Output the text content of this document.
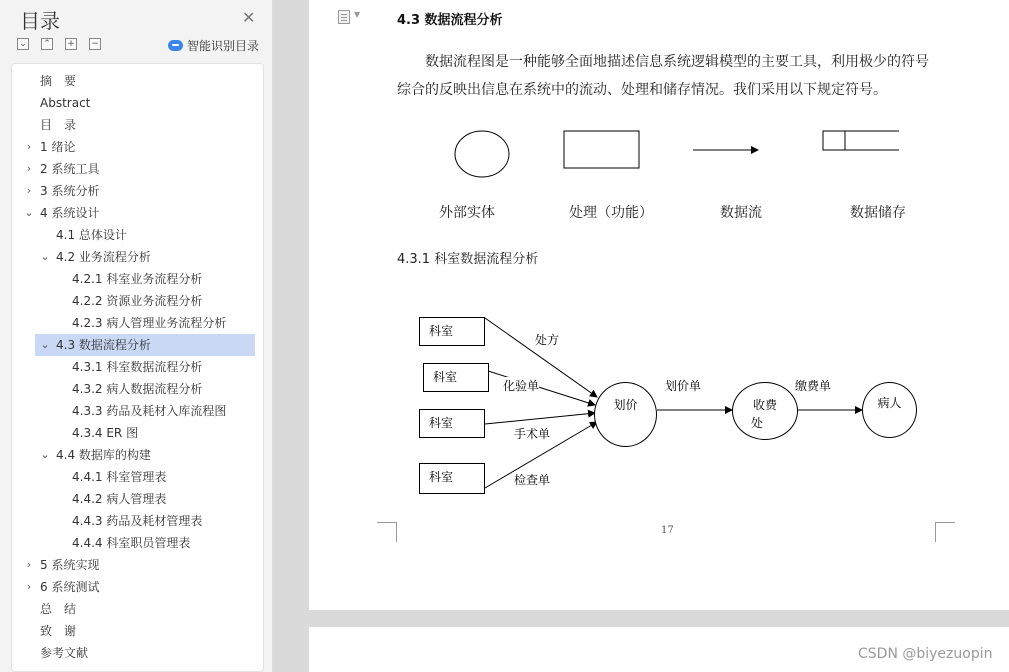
目录	✕
⌄ ⌃ + −	智能识别目录
摘　要
Abstract
目　录
› 1 绪论
› 2 系统工具
› 3 系统分析
⌄ 4 系统设计
4.1 总体设计
⌄ 4.2 业务流程分析
4.2.1 科室业务流程分析
4.2.2 资源业务流程分析
4.2.3 病人管理业务流程分析
⌄ 4.3 数据流程分析
4.3.1 科室数据流程分析
4.3.2 病人数据流程分析
4.3.3 药品及耗材入库流程图
4.3.4 ER 图
⌄ 4.4 数据库的构建
4.4.1 科室管理表
4.4.2 病人管理表
4.4.3 药品及耗材管理表
4.4.4 科室职员管理表
› 5 系统实现
› 6 系统测试
总　结
致　谢
参考文献
▼	4.3 数据流程分析
数据流程图是一种能够全面地描述信息系统逻辑模型的主要工具，利用极少的符号
综合的反映出信息在系统中的流动、处理和储存情况。我们采用以下规定符号。
外部实体	处理（功能）	数据流	数据储存
4.3.1 科室数据流程分析
科室
科室
科室
科室
处方
化验单
手术单
检查单
划价
划价单
收费
处
缴费单
病人
17
CSDN @biyezuopin
